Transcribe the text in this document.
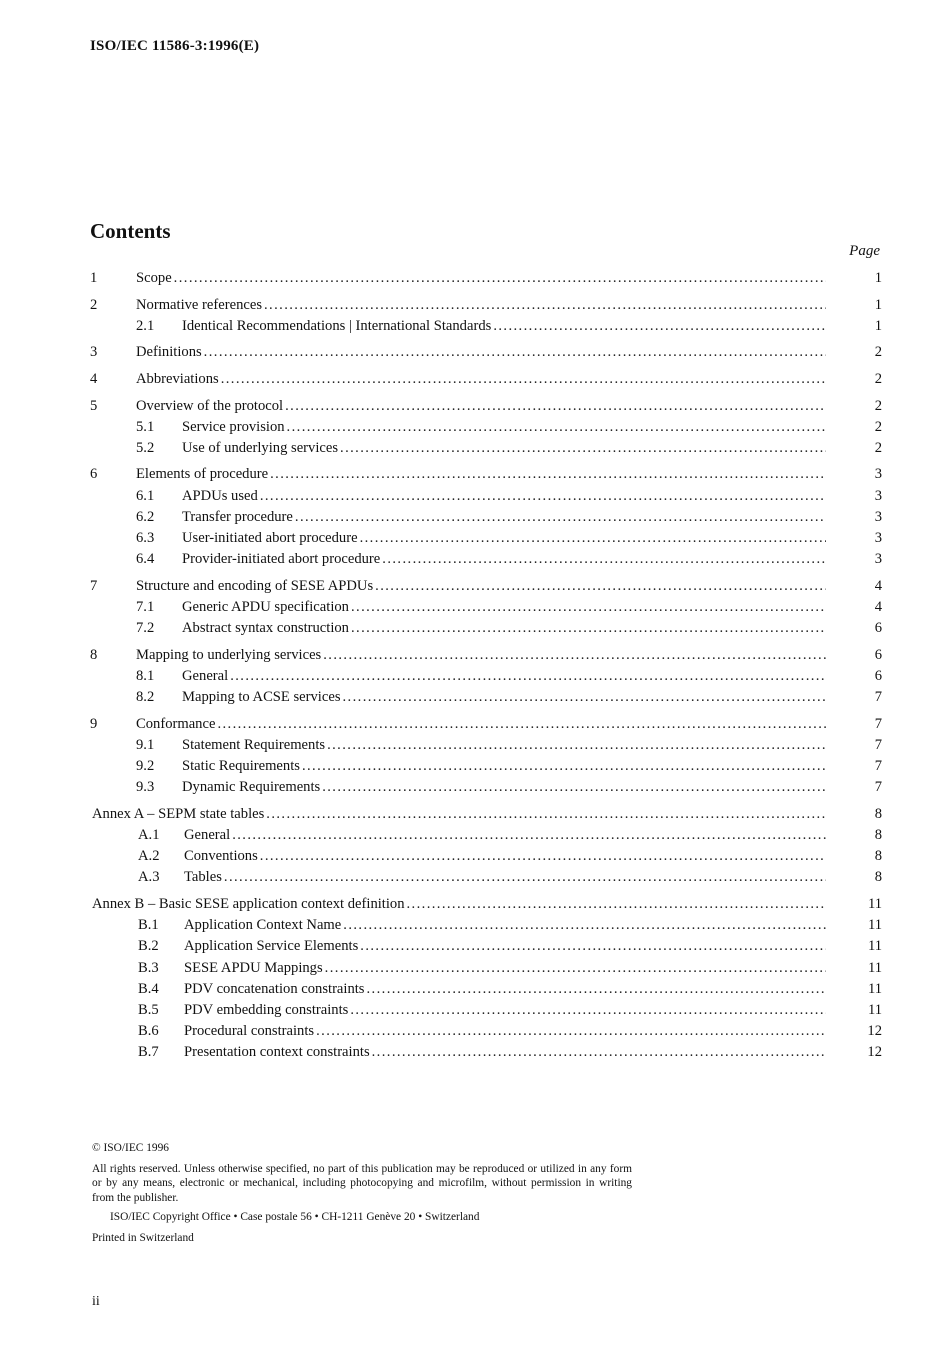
ISO/IEC 11586-3:1996(E)
Contents
Page
1	Scope .....	1
2	Normative references .....	1
2.1 Identical Recommendations | International Standards .....	1
3	Definitions .....	2
4	Abbreviations .....	2
5	Overview of the protocol .....	2
5.1 Service provision .....	2
5.2 Use of underlying services .....	2
6	Elements of procedure .....	3
6.1 APDUs used .....	3
6.2 Transfer procedure .....	3
6.3 User-initiated abort procedure .....	3
6.4 Provider-initiated abort procedure .....	3
7	Structure and encoding of SESE APDUs .....	4
7.1 Generic APDU specification .....	4
7.2 Abstract syntax construction .....	6
8	Mapping to underlying services .....	6
8.1 General .....	6
8.2 Mapping to ACSE services .....	7
9	Conformance .....	7
9.1 Statement Requirements .....	7
9.2 Static Requirements .....	7
9.3 Dynamic Requirements .....	7
Annex A – SEPM state tables .....	8
A.1 General .....	8
A.2 Conventions .....	8
A.3 Tables .....	8
Annex B – Basic SESE application context definition .....	11
B.1 Application Context Name .....	11
B.2 Application Service Elements .....	11
B.3 SESE APDU Mappings .....	11
B.4 PDV concatenation constraints .....	11
B.5 PDV embedding constraints .....	11
B.6 Procedural constraints .....	12
B.7 Presentation context constraints .....	12
© ISO/IEC 1996
All rights reserved. Unless otherwise specified, no part of this publication may be reproduced or utilized in any form or by any means, electronic or mechanical, including photocopying and microfilm, without permission in writing from the publisher.
ISO/IEC Copyright Office • Case postale 56 • CH-1211 Genève 20 • Switzerland
Printed in Switzerland
ii
